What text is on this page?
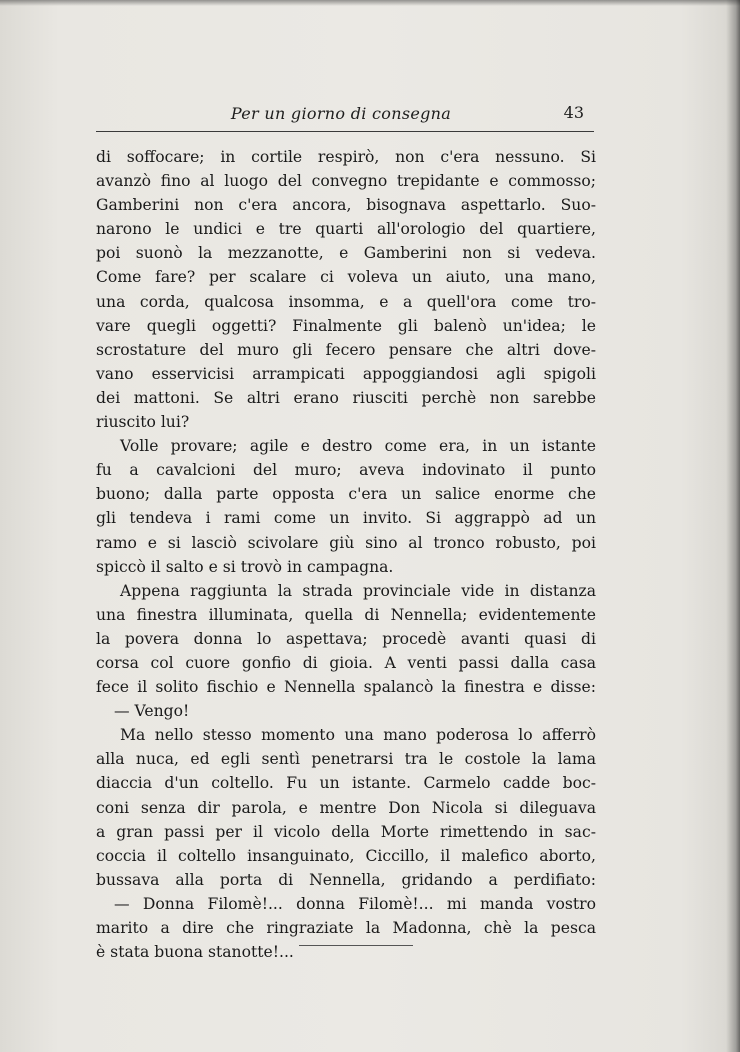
Per un giorno di consegna	43
di soffocare; in cortile respirò, non c'era nessuno. Si
avanzò fino al luogo del convegno trepidante e commosso;
Gamberini non c'era ancora, bisognava aspettarlo. Suo-
narono le undici e tre quarti all'orologio del quartiere,
poi suonò la mezzanotte, e Gamberini non si vedeva.
Come fare? per scalare ci voleva un aiuto, una mano,
una corda, qualcosa insomma, e a quell'ora come tro-
vare quegli oggetti? Finalmente gli balenò un'idea; le
scrostature del muro gli fecero pensare che altri dove-
vano esservicisi arrampicati appoggiandosi agli spigoli
dei mattoni. Se altri erano riusciti perchè non sarebbe
riuscito lui?
Volle provare; agile e destro come era, in un istante
fu a cavalcioni del muro; aveva indovinato il punto
buono; dalla parte opposta c'era un salice enorme che
gli tendeva i rami come un invito. Si aggrappò ad un
ramo e si lasciò scivolare giù sino al tronco robusto, poi
spiccò il salto e si trovò in campagna.
Appena raggiunta la strada provinciale vide in distanza
una finestra illuminata, quella di Nennella; evidentemente
la povera donna lo aspettava; procedè avanti quasi di
corsa col cuore gonfio di gioia. A venti passi dalla casa
fece il solito fischio e Nennella spalancò la finestra e disse:
— Vengo!
Ma nello stesso momento una mano poderosa lo afferrò
alla nuca, ed egli sentì penetrarsi tra le costole la lama
diaccia d'un coltello. Fu un istante. Carmelo cadde boc-
coni senza dir parola, e mentre Don Nicola si dileguava
a gran passi per il vicolo della Morte rimettendo in sac-
coccia il coltello insanguinato, Ciccillo, il malefico aborto,
bussava alla porta di Nennella, gridando a perdifiato:
— Donna Filomè!... donna Filomè!... mi manda vostro
marito a dire che ringraziate la Madonna, chè la pesca
è stata buona stanotte!...
